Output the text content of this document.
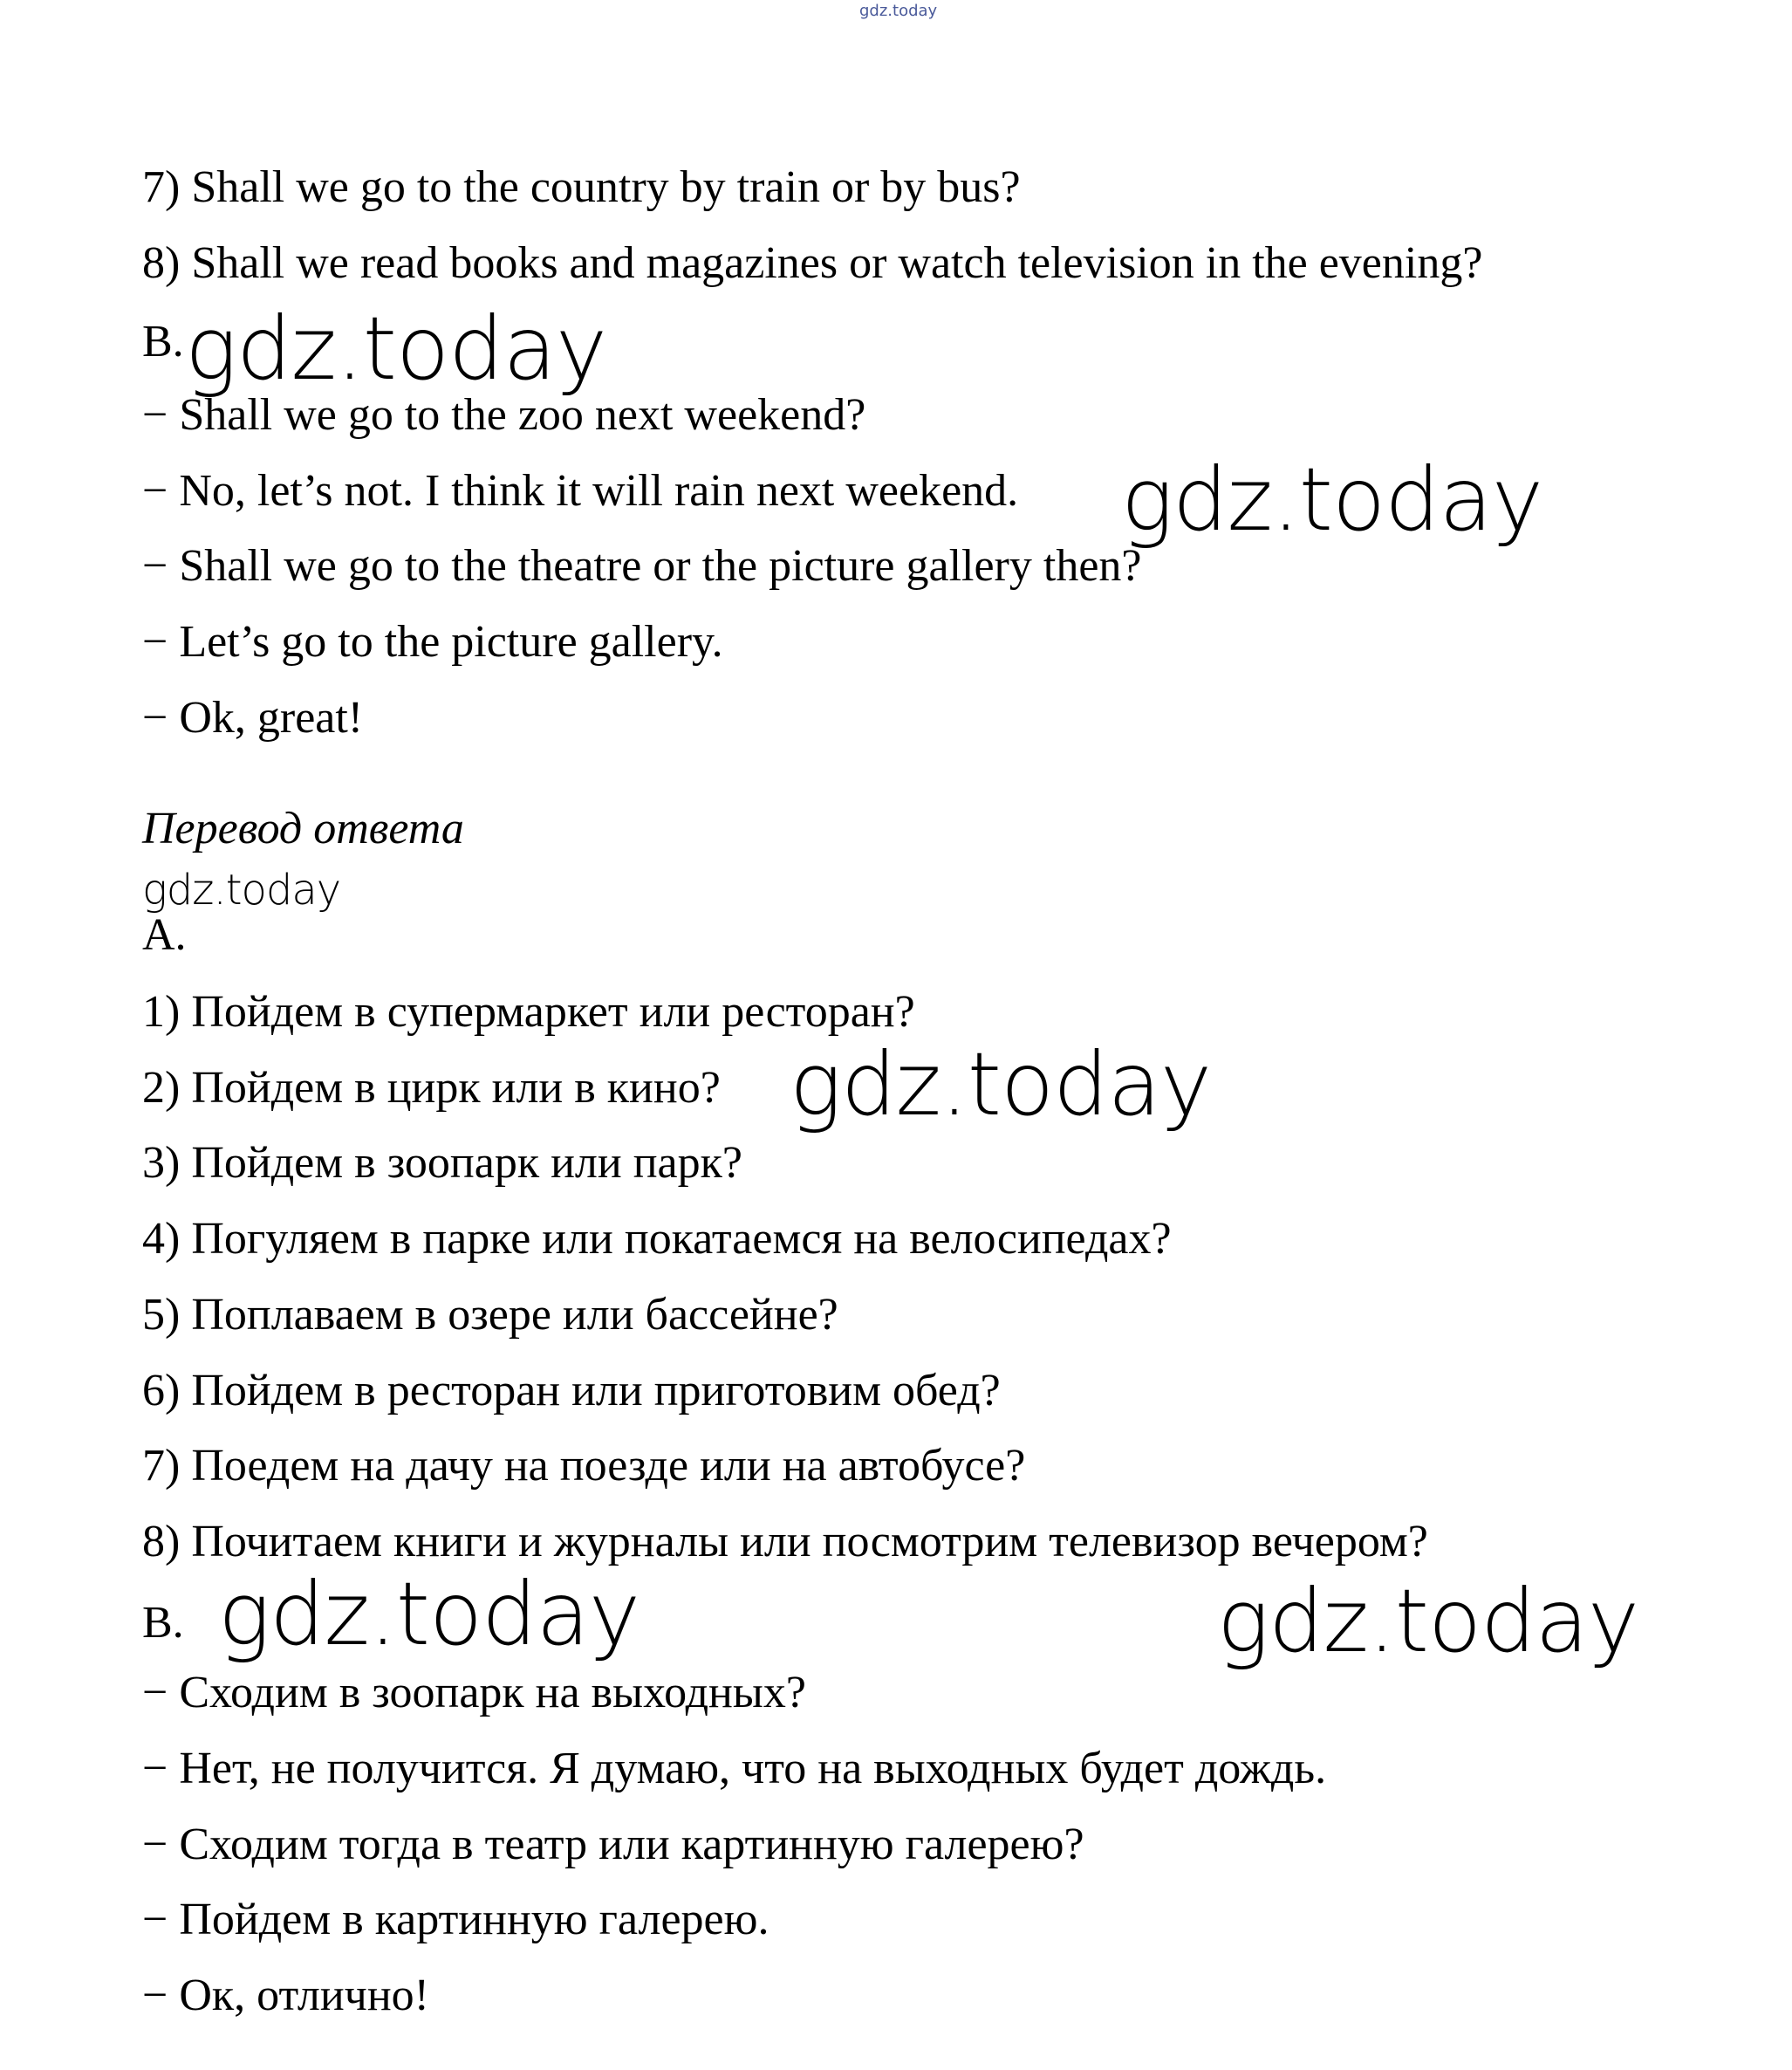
gdz.today
7) Shall we go to the country by train or by bus?
8) Shall we read books and magazines or watch television in the evening?
B. gdz.today
− Shall we go to the zoo next weekend?
− No, let’s not. I think it will rain next weekend. gdz.today
− Shall we go to the theatre or the picture gallery then?
− Let’s go to the picture gallery.
− Ok, great!
Перевод ответа
gdz.today
A.
1) Пойдем в супермаркет или ресторан?
2) Пойдем в цирк или в кино? gdz.today
3) Пойдем в зоопарк или парк?
4) Погуляем в парке или покатаемся на велосипедах?
5) Поплаваем в озере или бассейне?
6) Пойдем в ресторан или приготовим обед?
7) Поедем на дачу на поезде или на автобусе?
8) Почитаем книги и журналы или посмотрим телевизор вечером?
B. gdz.today	gdz.today
− Сходим в зоопарк на выходных?
− Нет, не получится. Я думаю, что на выходных будет дождь.
− Сходим тогда в театр или картинную галерею?
− Пойдем в картинную галерею.
− Ок, отлично!
